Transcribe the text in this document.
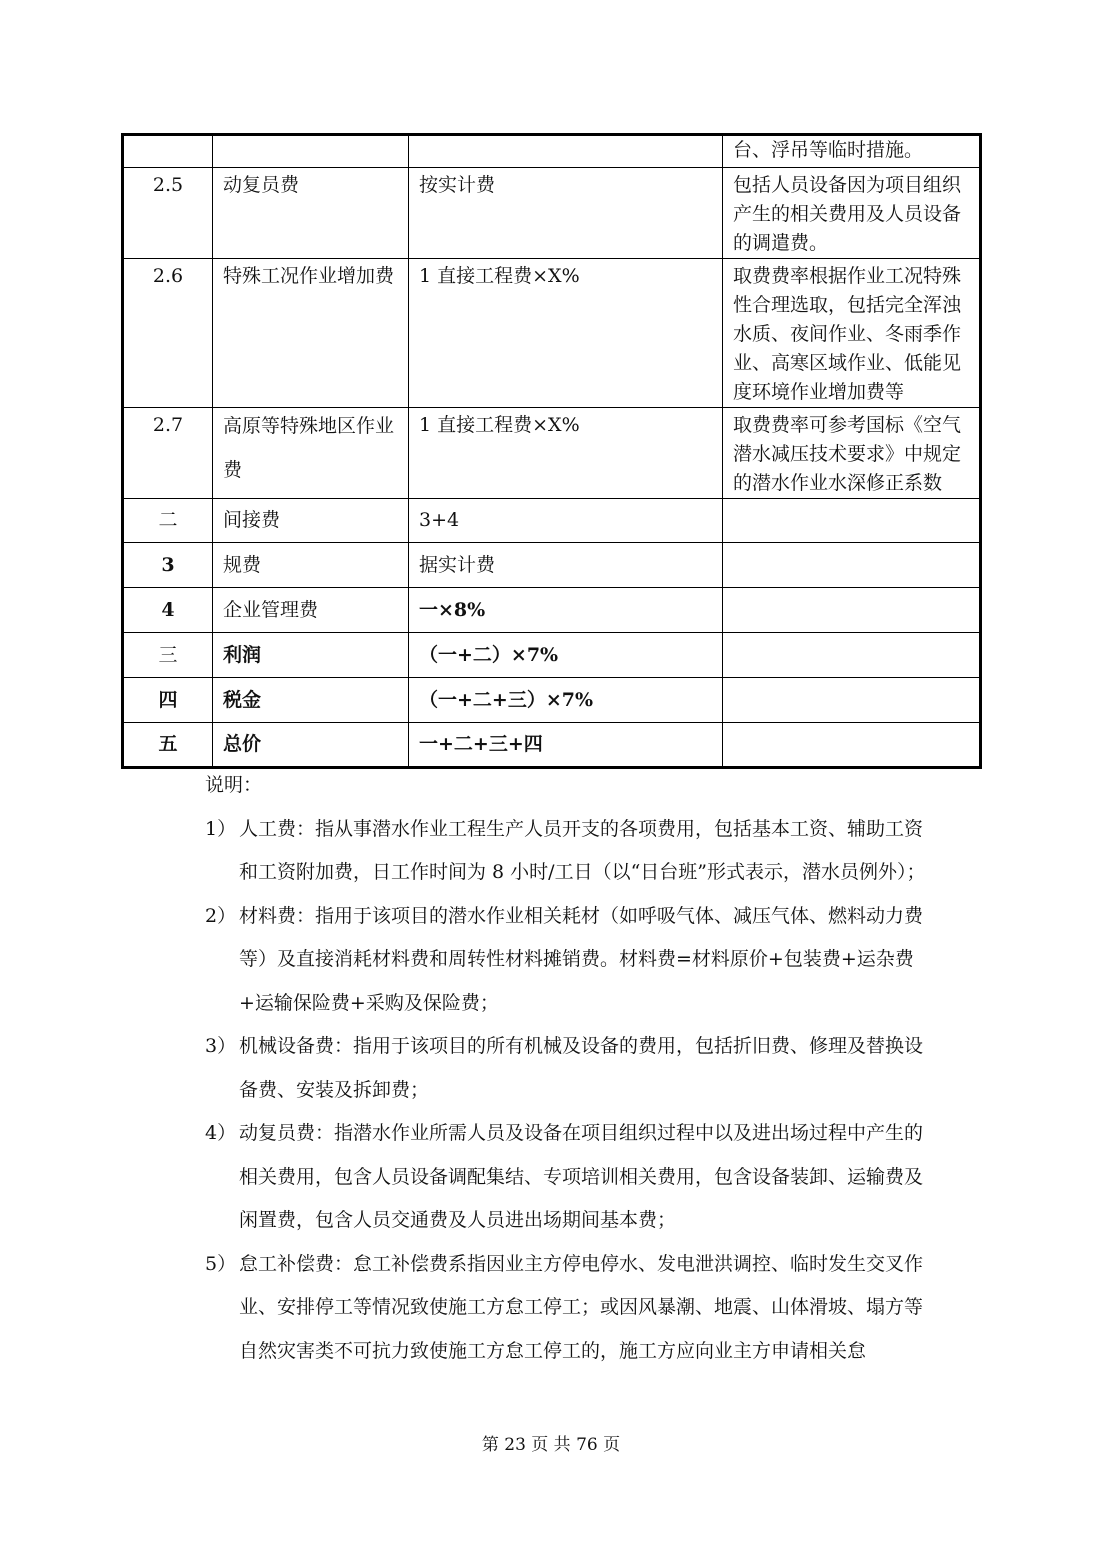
			台、浮吊等临时措施。

2.5	动复员费	按实计费	包括人员设备因为项目组织产生的相关费用及人员设备的调遣费。

2.6	特殊工况作业增加费	1 直接工程费×X%	取费费率根据作业工况特殊性合理选取，包括完全浑浊水质、夜间作业、冬雨季作业、高寒区域作业、低能见度环境作业增加费等

2.7	高原等特殊地区作业费	1 直接工程费×X%	取费费率可参考国标《空气潜水减压技术要求》中规定的潜水作业水深修正系数

二	间接费	3+4	
3	规费	据实计费	
4	企业管理费	一×8%	
三	利润	（一+二）×7%	
四	税金	（一+二+三）×7%	
五	总价	一+二+三+四	
说明：
1） 人工费：指从事潜水作业工程生产人员开支的各项费用，包括基本工资、辅助工资和工资附加费，日工作时间为 8 小时/工日（以“日台班”形式表示，潜水员例外）；
2） 材料费：指用于该项目的潜水作业相关耗材（如呼吸气体、减压气体、燃料动力费等）及直接消耗材料费和周转性材料摊销费。材料费=材料原价+包装费+运杂费+运输保险费+采购及保险费；
3） 机械设备费：指用于该项目的所有机械及设备的费用，包括折旧费、修理及替换设备费、安装及拆卸费；
4） 动复员费：指潜水作业所需人员及设备在项目组织过程中以及进出场过程中产生的相关费用，包含人员设备调配集结、专项培训相关费用，包含设备装卸、运输费及闲置费，包含人员交通费及人员进出场期间基本费；
5） 怠工补偿费：怠工补偿费系指因业主方停电停水、发电泄洪调控、临时发生交叉作业、安排停工等情况致使施工方怠工停工；或因风暴潮、地震、山体滑坡、塌方等自然灾害类不可抗力致使施工方怠工停工的，施工方应向业主方申请相关怠
第 23 页 共 76 页
